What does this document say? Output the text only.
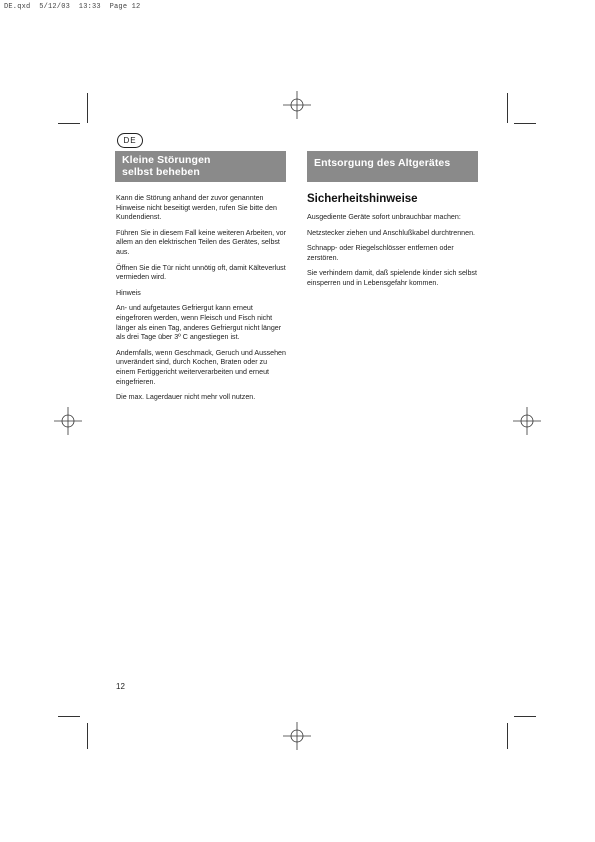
DE.qxd  5/12/03  13:33  Page 12
DE
Kleine Störungen
selbst beheben
Entsorgung des Altgerätes

Kann die Störung anhand der zuvor genannten Hinweise nicht beseitigt werden, rufen Sie bitte den Kundendienst.

Führen Sie in diesem Fall keine weiteren Arbeiten, vor allem an den elektrischen Teilen des Gerätes, selbst aus.

Öffnen Sie die Tür nicht unnötig oft, damit Kälteverlust vermieden wird.

Hinweis

An- und aufgetautes Gefriergut kann erneut eingefroren werden, wenn Fleisch und Fisch nicht länger als einen Tag, anderes Gefriergut nicht länger als drei Tage über 3º C angestiegen ist.

Andernfalls, wenn Geschmack, Geruch und Aussehen unverändert sind, durch Kochen, Braten oder zu einem Fertiggericht weiterverarbeiten und erneut eingefrieren.

Die max. Lagerdauer nicht mehr voll nutzen.

Sicherheitshinweise

Ausgediente Geräte sofort unbrauchbar machen:

Netzstecker ziehen und Anschlußkabel durchtrennen.

Schnapp- oder Riegelschlösser entfernen oder zerstören.

Sie verhindern damit, daß spielende kinder sich selbst einsperren und in Lebensgefahr kommen.

12
